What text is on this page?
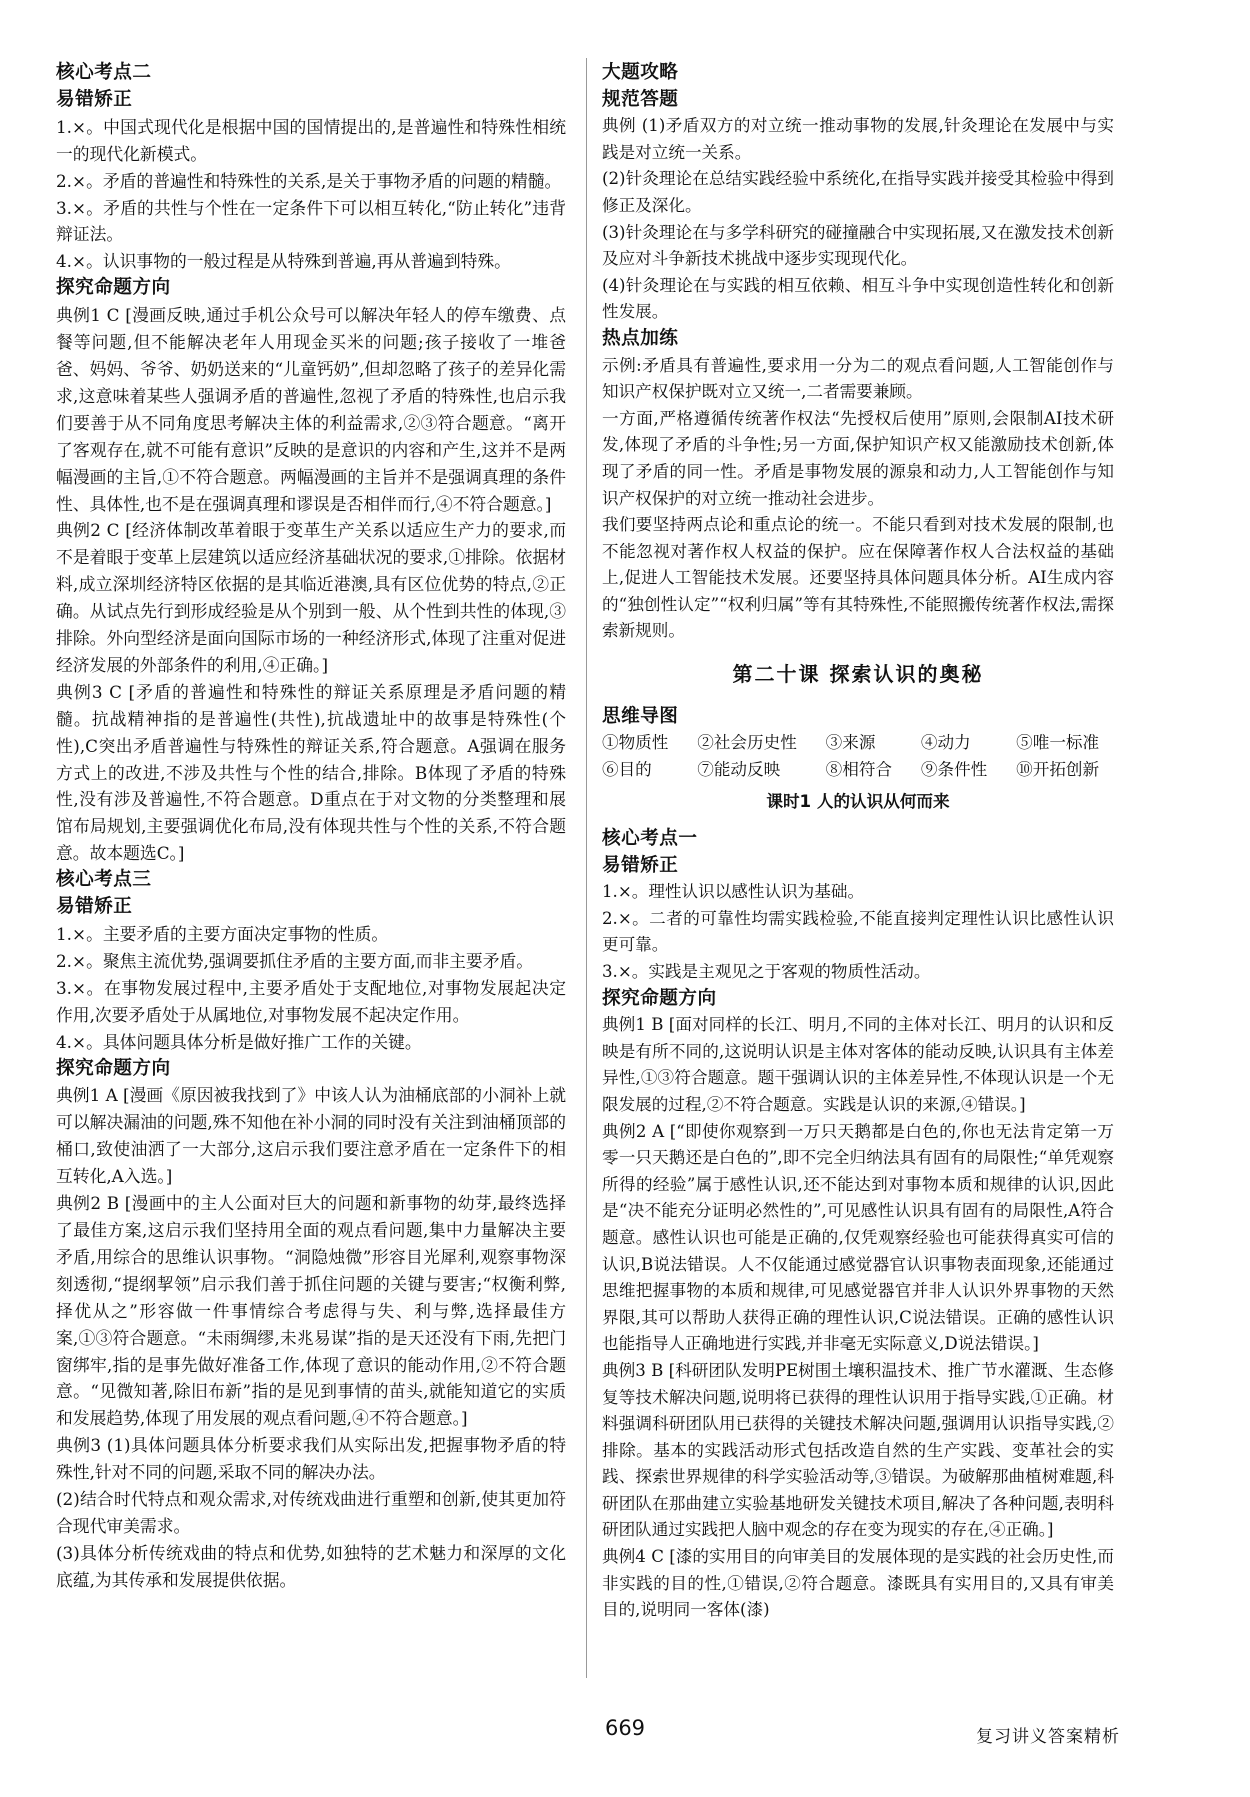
核心考点二
易错矫正
1.×。中国式现代化是根据中国的国情提出的,是普遍性和特殊性相统一的现代化新模式。
2.×。矛盾的普遍性和特殊性的关系,是关于事物矛盾的问题的精髓。
3.×。矛盾的共性与个性在一定条件下可以相互转化,“防止转化”违背辩证法。
4.×。认识事物的一般过程是从特殊到普遍,再从普遍到特殊。
探究命题方向
典例1 C [漫画反映,通过手机公众号可以解决年轻人的停车缴费、点餐等问题,但不能解决老年人用现金买米的问题;孩子接收了一堆爸爸、妈妈、爷爷、奶奶送来的“儿童钙奶”,但却忽略了孩子的差异化需求,这意味着某些人强调矛盾的普遍性,忽视了矛盾的特殊性,也启示我们要善于从不同角度思考解决主体的利益需求,②③符合题意。“离开了客观存在,就不可能有意识”反映的是意识的内容和产生,这并不是两幅漫画的主旨,①不符合题意。两幅漫画的主旨并不是强调真理的条件性、具体性,也不是在强调真理和谬误是否相伴而行,④不符合题意。]
典例2 C [经济体制改革着眼于变革生产关系以适应生产力的要求,而不是着眼于变革上层建筑以适应经济基础状况的要求,①排除。依据材料,成立深圳经济特区依据的是其临近港澳,具有区位优势的特点,②正确。从试点先行到形成经验是从个别到一般、从个性到共性的体现,③排除。外向型经济是面向国际市场的一种经济形式,体现了注重对促进经济发展的外部条件的利用,④正确。]
典例3 C [矛盾的普遍性和特殊性的辩证关系原理是矛盾问题的精髓。抗战精神指的是普遍性(共性),抗战遗址中的故事是特殊性(个性),C突出矛盾普遍性与特殊性的辩证关系,符合题意。A强调在服务方式上的改进,不涉及共性与个性的结合,排除。B体现了矛盾的特殊性,没有涉及普遍性,不符合题意。D重点在于对文物的分类整理和展馆布局规划,主要强调优化布局,没有体现共性与个性的关系,不符合题意。故本题选C。]
核心考点三
易错矫正
1.×。主要矛盾的主要方面决定事物的性质。
2.×。聚焦主流优势,强调要抓住矛盾的主要方面,而非主要矛盾。
3.×。在事物发展过程中,主要矛盾处于支配地位,对事物发展起决定作用,次要矛盾处于从属地位,对事物发展不起决定作用。
4.×。具体问题具体分析是做好推广工作的关键。
探究命题方向
典例1 A [漫画《原因被我找到了》中该人认为油桶底部的小洞补上就可以解决漏油的问题,殊不知他在补小洞的同时没有关注到油桶顶部的桶口,致使油洒了一大部分,这启示我们要注意矛盾在一定条件下的相互转化,A入选。]
典例2 B [漫画中的主人公面对巨大的问题和新事物的幼芽,最终选择了最佳方案,这启示我们坚持用全面的观点看问题,集中力量解决主要矛盾,用综合的思维认识事物。“洞隐烛微”形容目光犀利,观察事物深刻透彻,“提纲挈领”启示我们善于抓住问题的关键与要害;“权衡利弊,择优从之”形容做一件事情综合考虑得与失、利与弊,选择最佳方案,①③符合题意。“未雨绸缪,未兆易谋”指的是天还没有下雨,先把门窗绑牢,指的是事先做好准备工作,体现了意识的能动作用,②不符合题意。“见微知著,除旧布新”指的是见到事情的苗头,就能知道它的实质和发展趋势,体现了用发展的观点看问题,④不符合题意。]
典例3 (1)具体问题具体分析要求我们从实际出发,把握事物矛盾的特殊性,针对不同的问题,采取不同的解决办法。
(2)结合时代特点和观众需求,对传统戏曲进行重塑和创新,使其更加符合现代审美需求。
(3)具体分析传统戏曲的特点和优势,如独特的艺术魅力和深厚的文化底蕴,为其传承和发展提供依据。
大题攻略
规范答题
典例 (1)矛盾双方的对立统一推动事物的发展,针灸理论在发展中与实践是对立统一关系。
(2)针灸理论在总结实践经验中系统化,在指导实践并接受其检验中得到修正及深化。
(3)针灸理论在与多学科研究的碰撞融合中实现拓展,又在激发技术创新及应对斗争新技术挑战中逐步实现现代化。
(4)针灸理论在与实践的相互依赖、相互斗争中实现创造性转化和创新性发展。
热点加练
示例:矛盾具有普遍性,要求用一分为二的观点看问题,人工智能创作与知识产权保护既对立又统一,二者需要兼顾。
一方面,严格遵循传统著作权法“先授权后使用”原则,会限制AI技术研发,体现了矛盾的斗争性;另一方面,保护知识产权又能激励技术创新,体现了矛盾的同一性。矛盾是事物发展的源泉和动力,人工智能创作与知识产权保护的对立统一推动社会进步。
我们要坚持两点论和重点论的统一。不能只看到对技术发展的限制,也不能忽视对著作权人权益的保护。应在保障著作权人合法权益的基础上,促进人工智能技术发展。还要坚持具体问题具体分析。AI生成内容的“独创性认定”“权利归属”等有其特殊性,不能照搬传统著作权法,需探索新规则。
第二十课 探索认识的奥秘
思维导图
①物质性	②社会历史性	③来源	④动力	⑤唯一标准
⑥目的	⑦能动反映	⑧相符合	⑨条件性	⑩开拓创新
课时1 人的认识从何而来
核心考点一
易错矫正
1.×。理性认识以感性认识为基础。
2.×。二者的可靠性均需实践检验,不能直接判定理性认识比感性认识更可靠。
3.×。实践是主观见之于客观的物质性活动。
探究命题方向
典例1 B [面对同样的长江、明月,不同的主体对长江、明月的认识和反映是有所不同的,这说明认识是主体对客体的能动反映,认识具有主体差异性,①③符合题意。题干强调认识的主体差异性,不体现认识是一个无限发展的过程,②不符合题意。实践是认识的来源,④错误。]
典例2 A [“即使你观察到一万只天鹅都是白色的,你也无法肯定第一万零一只天鹅还是白色的”,即不完全归纳法具有固有的局限性;“单凭观察所得的经验”属于感性认识,还不能达到对事物本质和规律的认识,因此是“决不能充分证明必然性的”,可见感性认识具有固有的局限性,A符合题意。感性认识也可能是正确的,仅凭观察经验也可能获得真实可信的认识,B说法错误。人不仅能通过感觉器官认识事物表面现象,还能通过思维把握事物的本质和规律,可见感觉器官并非人认识外界事物的天然界限,其可以帮助人获得正确的理性认识,C说法错误。正确的感性认识也能指导人正确地进行实践,并非毫无实际意义,D说法错误。]
典例3 B [科研团队发明PE树围土壤积温技术、推广节水灌溉、生态修复等技术解决问题,说明将已获得的理性认识用于指导实践,①正确。材料强调科研团队用已获得的关键技术解决问题,强调用认识指导实践,②排除。基本的实践活动形式包括改造自然的生产实践、变革社会的实践、探索世界规律的科学实验活动等,③错误。为破解那曲植树难题,科研团队在那曲建立实验基地研发关键技术项目,解决了各种问题,表明科研团队通过实践把人脑中观念的存在变为现实的存在,④正确。]
典例4 C [漆的实用目的向审美目的发展体现的是实践的社会历史性,而非实践的目的性,①错误,②符合题意。漆既具有实用目的,又具有审美目的,说明同一客体(漆)
669	复习讲义答案精析
